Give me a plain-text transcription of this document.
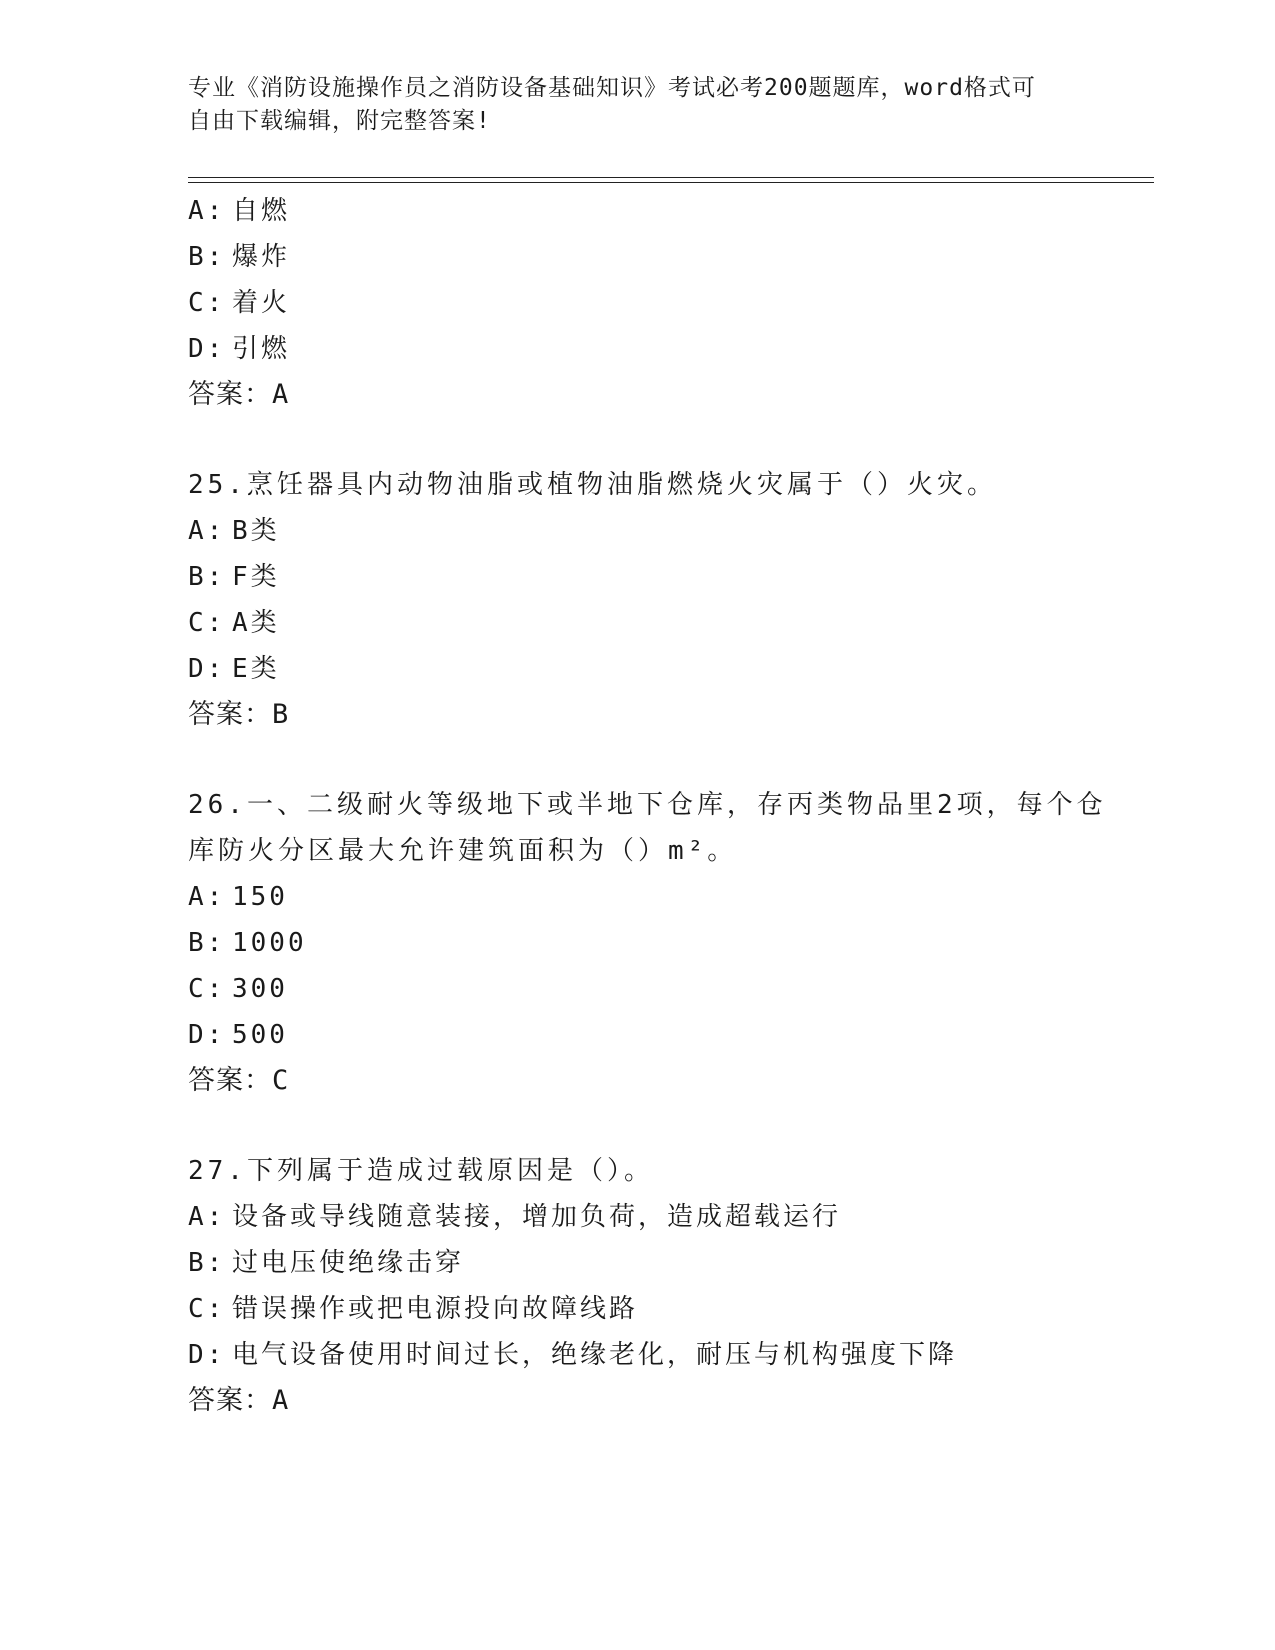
专业《消防设施操作员之消防设备基础知识》考试必考200题题库，word格式可
自由下载编辑，附完整答案!
A: 自燃
B: 爆炸
C: 着火
D: 引燃
答案：A
25.烹饪器具内动物油脂或植物油脂燃烧火灾属于（）火灾。
A: B类
B: F类
C: A类
D: E类
答案：B
26.一、二级耐火等级地下或半地下仓库，存丙类物品里2项，每个仓
库防火分区最大允许建筑面积为（）m²。
A: 150
B: 1000
C: 300
D: 500
答案：C
27.下列属于造成过载原因是（）。
A: 设备或导线随意装接，增加负荷，造成超载运行
B: 过电压使绝缘击穿
C: 错误操作或把电源投向故障线路
D: 电气设备使用时间过长，绝缘老化，耐压与机构强度下降
答案：A
